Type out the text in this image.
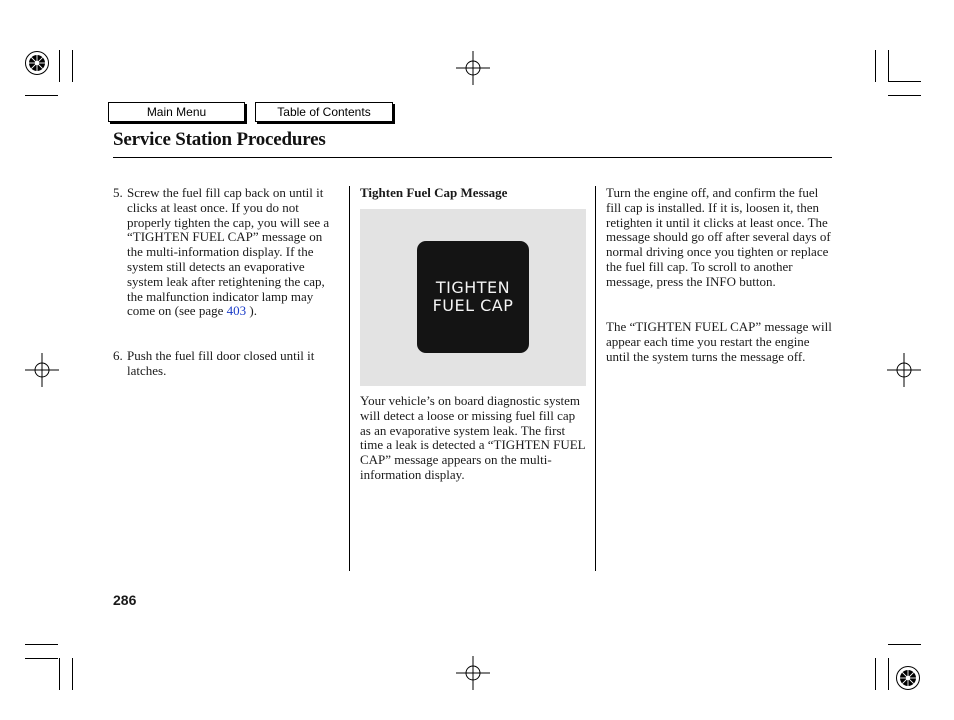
Main Menu	Table of Contents
Service Station Procedures
5. Screw the fuel fill cap back on until it clicks at least once. If you do not properly tighten the cap, you will see a “TIGHTEN FUEL CAP” message on the multi-information display. If the system still detects an evaporative system leak after retightening the cap, the malfunction indicator lamp may come on (see page 403 ).
6. Push the fuel fill door closed until it latches.
Tighten Fuel Cap Message
TIGHTEN
FUEL CAP
Your vehicle’s on board diagnostic system will detect a loose or missing fuel fill cap as an evaporative system leak. The first time a leak is detected a “TIGHTEN FUEL CAP” message appears on the multi-information display.
Turn the engine off, and confirm the fuel fill cap is installed. If it is, loosen it, then retighten it until it clicks at least once. The message should go off after several days of normal driving once you tighten or replace the fuel fill cap. To scroll to another message, press the INFO button.
The “TIGHTEN FUEL CAP” message will appear each time you restart the engine until the system turns the message off.
286
